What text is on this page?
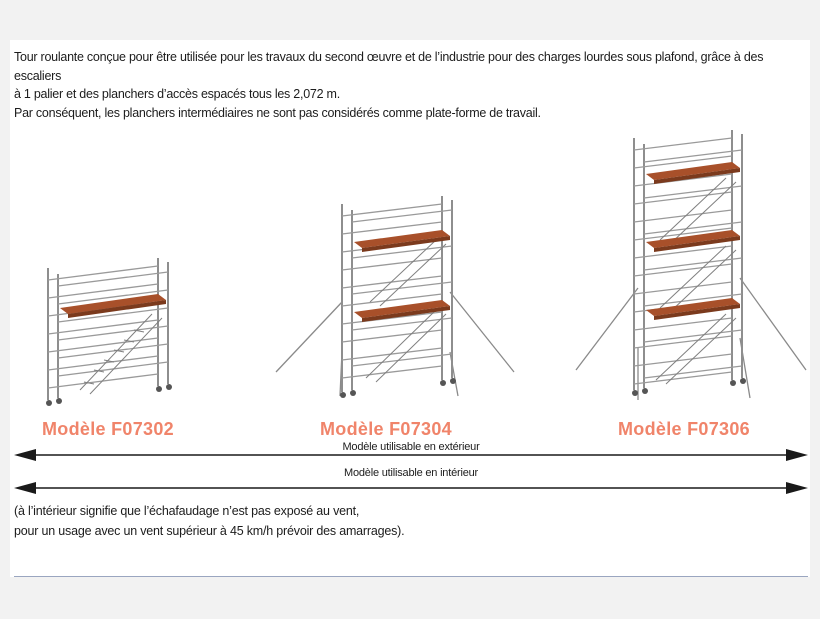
Tour roulante conçue pour être utilisée pour les travaux du second œuvre et de l’industrie pour des charges lourdes sous plafond, grâce à des escaliers

à 1 palier et des planchers d’accès espacés tous les 2,072 m.

Par conséquent, les planchers intermédiaires ne sont pas considérés comme plate-forme de travail.

Modèle F07302	Modèle F07304	Modèle F07306
Modèle utilisable en extérieur
Modèle utilisable en intérieur

(à l’intérieur signifie que l’échafaudage n’est pas exposé au vent,

pour un usage avec un vent supérieur à 45 km/h prévoir des amarrages).
